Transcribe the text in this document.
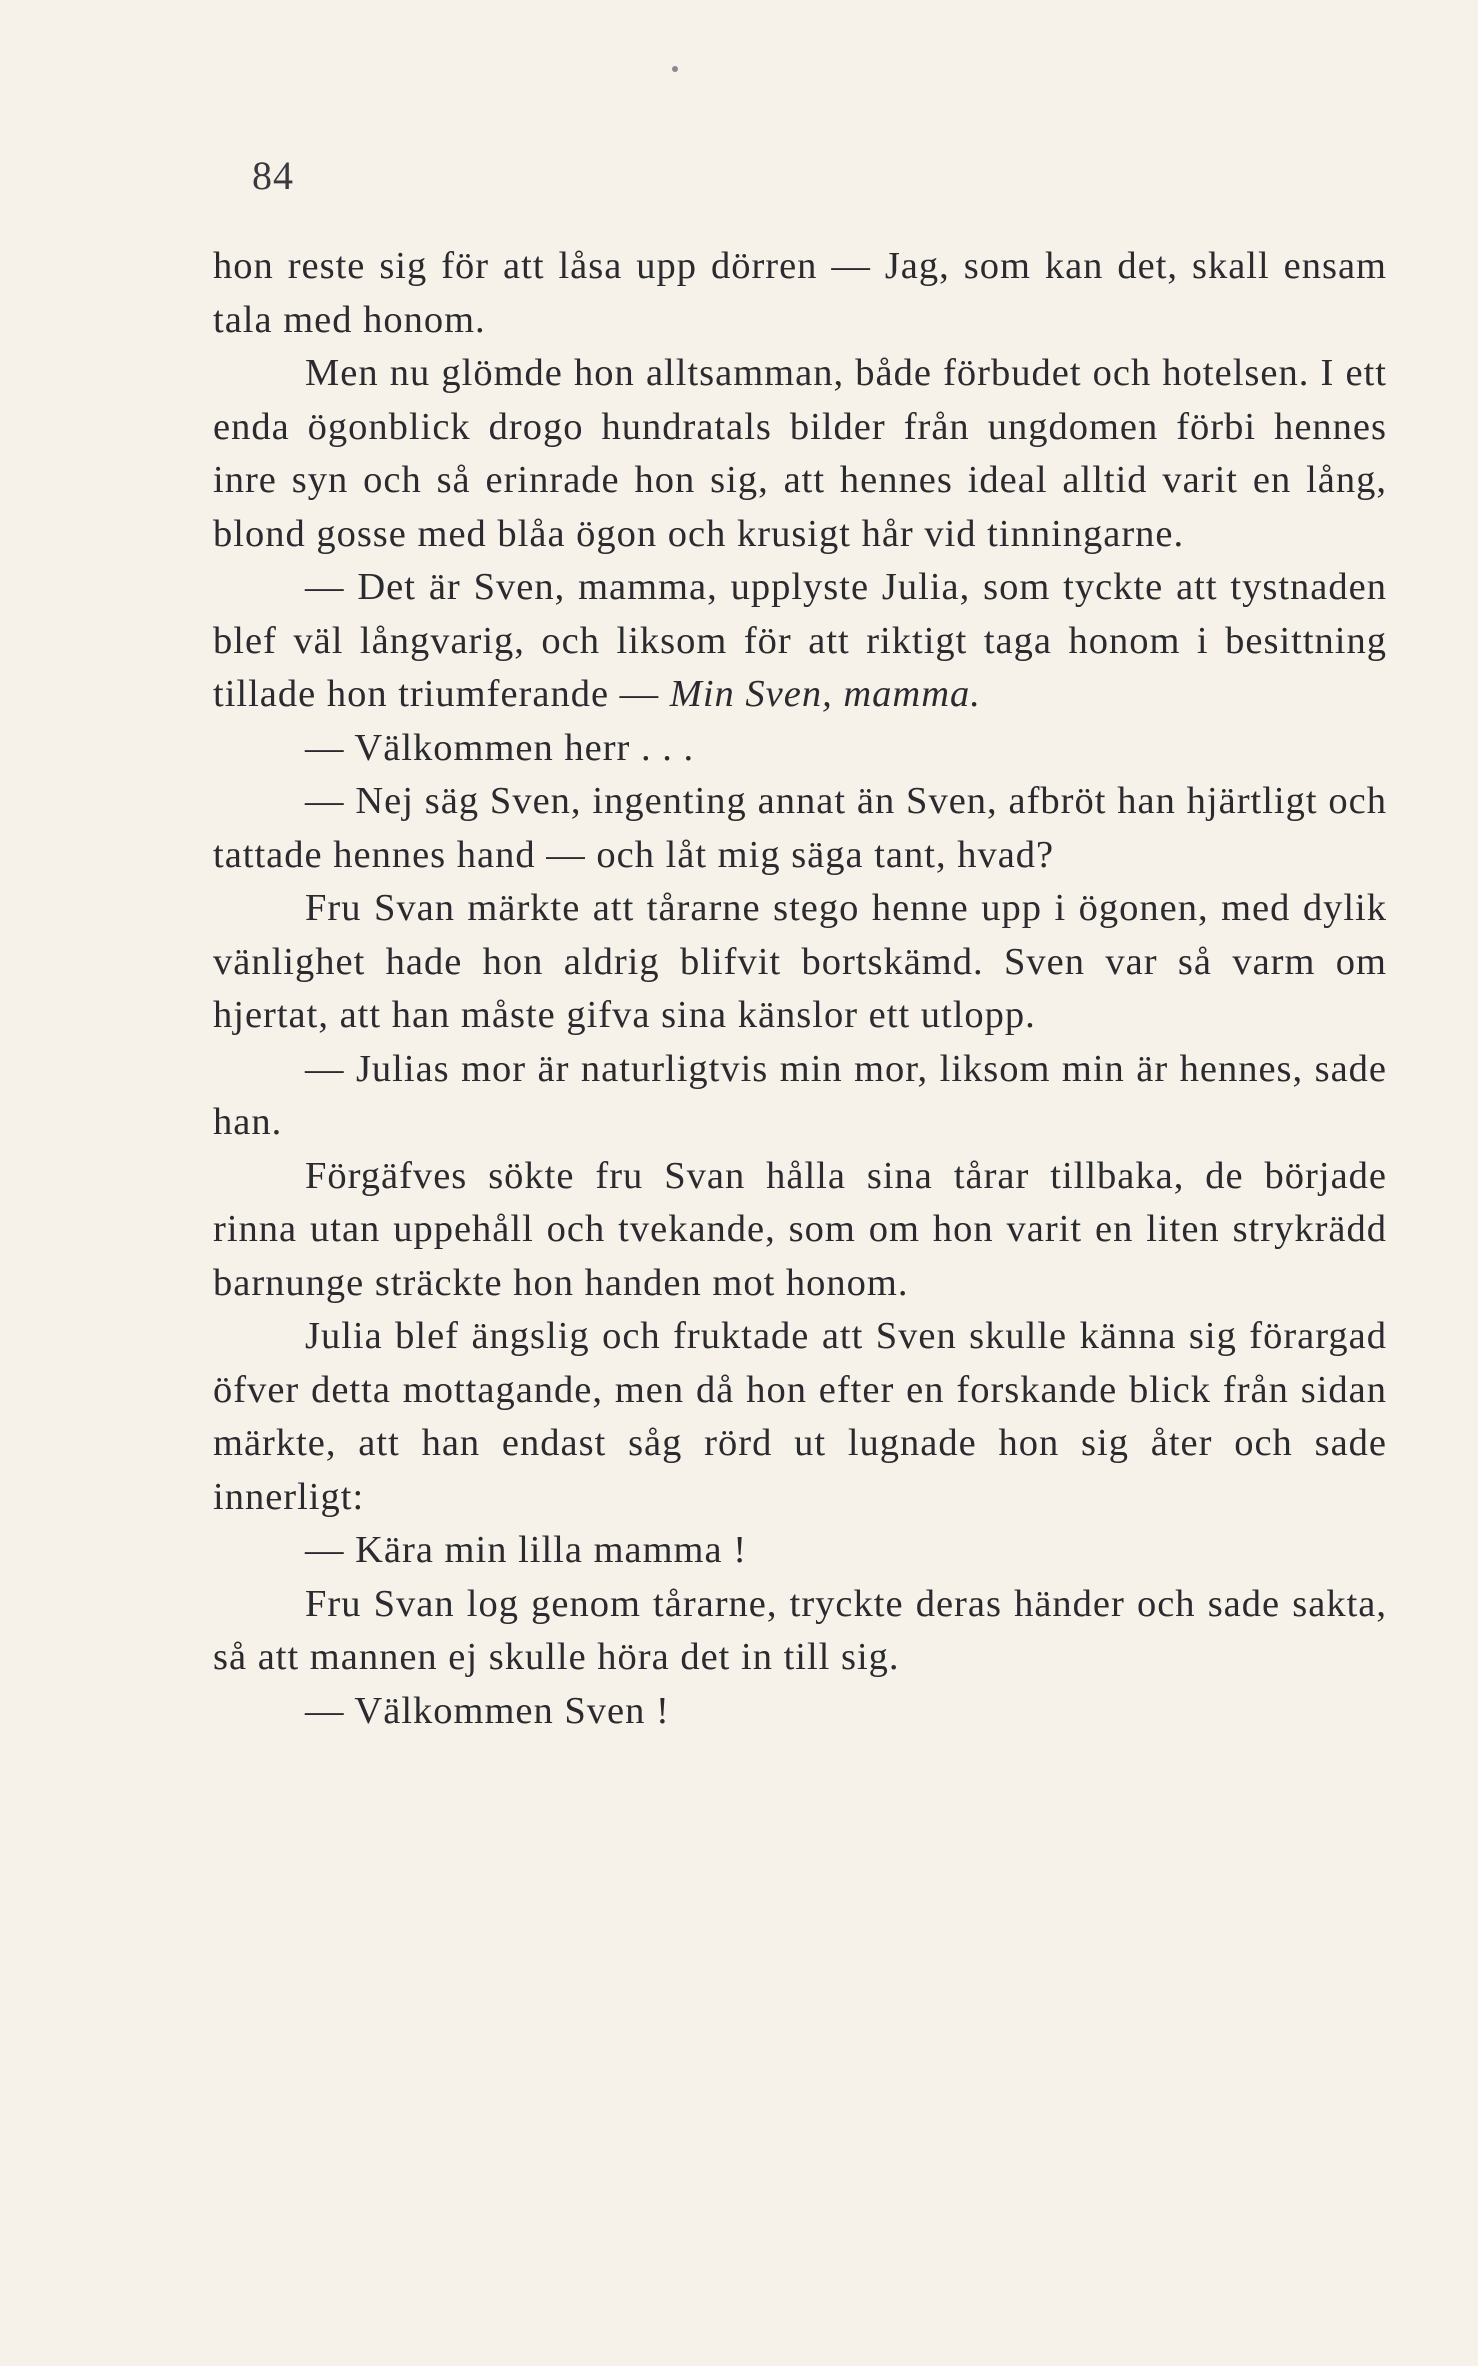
84

hon reste sig för att låsa upp dörren — Jag, som kan det, skall ensam tala med honom.

Men nu glömde hon alltsamman, både förbudet och hotelsen. I ett enda ögonblick drogo hundratals bilder från ungdomen förbi hennes inre syn och så erinrade hon sig, att hennes ideal alltid varit en lång, blond gosse med blåa ögon och krusigt hår vid tinningarne.

— Det är Sven, mamma, upplyste Julia, som tyckte att tystnaden blef väl långvarig, och liksom för att riktigt taga honom i besittning tillade hon triumferande — Min Sven, mamma.

— Välkommen herr . . .

— Nej säg Sven, ingenting annat än Sven, afbröt han hjärtligt och tattade hennes hand — och låt mig säga tant, hvad?

Fru Svan märkte att tårarne stego henne upp i ögonen, med dylik vänlighet hade hon aldrig blifvit bortskämd. Sven var så varm om hjertat, att han måste gifva sina känslor ett utlopp.

— Julias mor är naturligtvis min mor, liksom min är hennes, sade han.

Förgäfves sökte fru Svan hålla sina tårar tillbaka, de började rinna utan uppehåll och tvekande, som om hon varit en liten strykrädd barnunge sträckte hon handen mot honom.

Julia blef ängslig och fruktade att Sven skulle känna sig förargad öfver detta mottagande, men då hon efter en forskande blick från sidan märkte, att han endast såg rörd ut lugnade hon sig åter och sade innerligt:

— Kära min lilla mamma !

Fru Svan log genom tårarne, tryckte deras händer och sade sakta, så att mannen ej skulle höra det in till sig.

— Välkommen Sven !
